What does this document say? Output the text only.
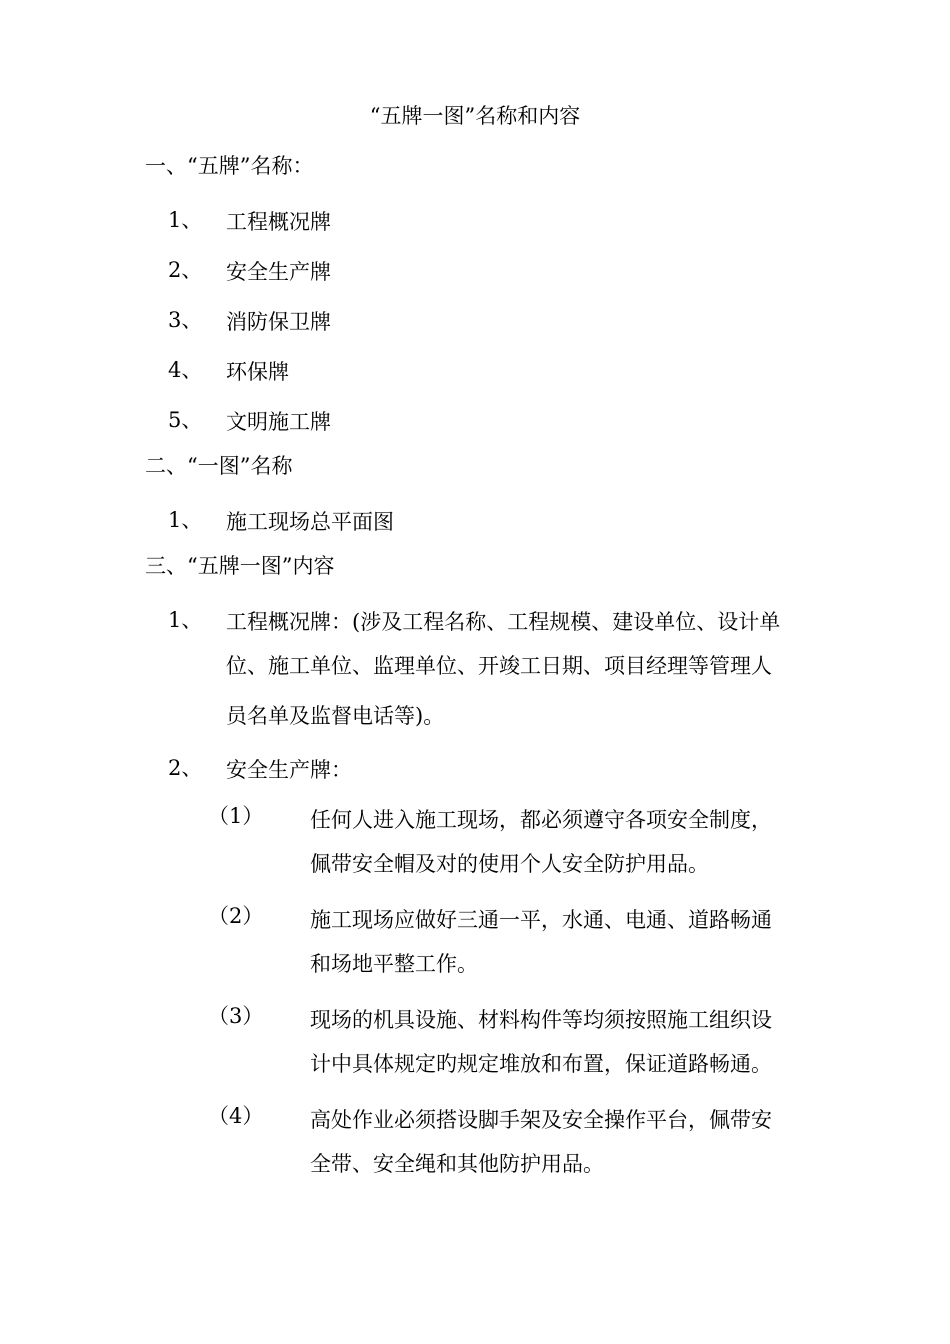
“五牌一图”名称和内容
一、“五牌”名称：
1、 工程概况牌
2、 安全生产牌
3、 消防保卫牌
4、 环保牌
5、 文明施工牌
二、“一图”名称
1、 施工现场总平面图
三、“五牌一图”内容
1、 工程概况牌：(涉及工程名称、工程规模、建设单位、设计单
位、施工单位、监理单位、开竣工日期、项目经理等管理人
员名单及监督电话等)。
2、 安全生产牌：
（1） 任何人进入施工现场，都必须遵守各项安全制度，
佩带安全帽及对的使用个人安全防护用品。
（2） 施工现场应做好三通一平，水通、电通、道路畅通
和场地平整工作。
（3） 现场的机具设施、材料构件等均须按照施工组织设
计中具体规定旳规定堆放和布置，保证道路畅通。
（4） 高处作业必须搭设脚手架及安全操作平台，佩带安
全带、安全绳和其他防护用品。
